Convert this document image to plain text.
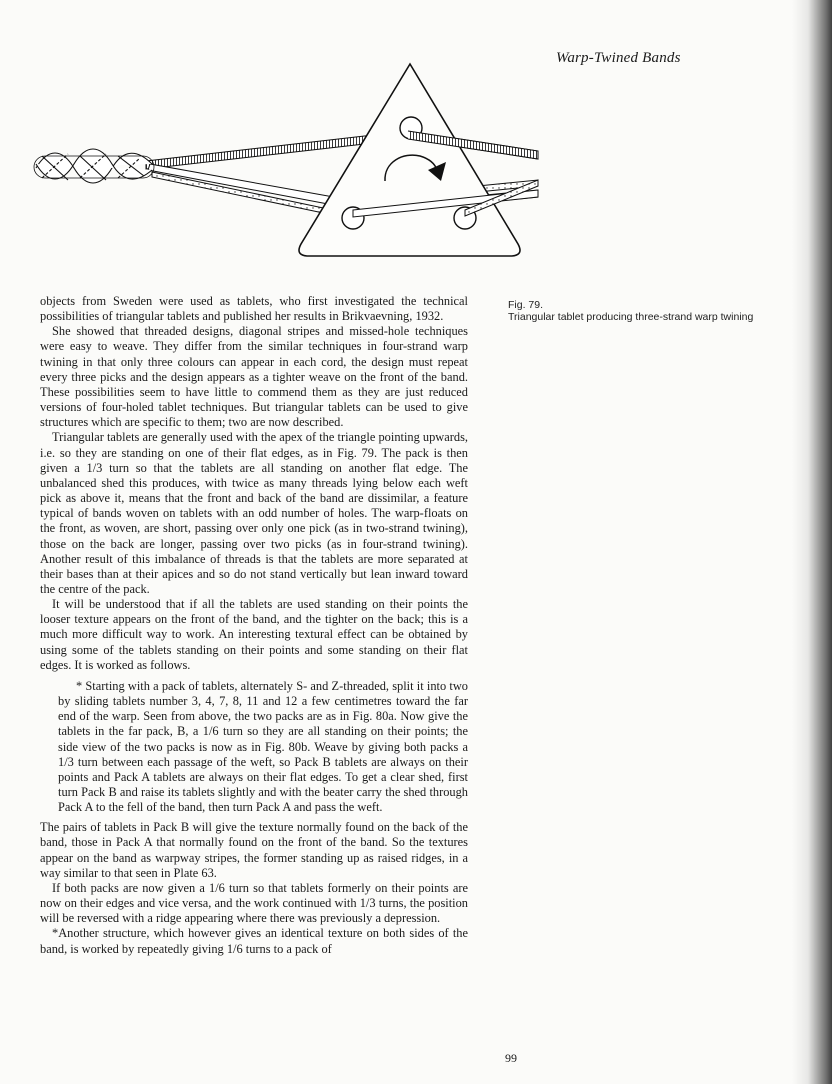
Warp-Twined Bands
Fig. 79.
Triangular tablet producing three-strand warp twining

objects from Sweden were used as tablets, who first investigated the technical possibilities of triangular tablets and published her results in Brikvaevning, 1932.

She showed that threaded designs, diagonal stripes and missed-hole techniques were easy to weave. They differ from the similar techniques in four-strand warp twining in that only three colours can appear in each cord, the design must repeat every three picks and the design appears as a tighter weave on the front of the band. These possibilities seem to have little to commend them as they are just reduced versions of four-holed tablet techniques. But triangular tablets can be used to give structures which are specific to them; two are now described.

Triangular tablets are generally used with the apex of the triangle pointing upwards, i.e. so they are standing on one of their flat edges, as in Fig. 79. The pack is then given a 1/3 turn so that the tablets are all standing on another flat edge. The unbalanced shed this produces, with twice as many threads lying below each weft pick as above it, means that the front and back of the band are dissimilar, a feature typical of bands woven on tablets with an odd number of holes. The warp-floats on the front, as woven, are short, passing over only one pick (as in two-strand twining), those on the back are longer, passing over two picks (as in four-strand twining). Another result of this imbalance of threads is that the tablets are more separated at their bases than at their apices and so do not stand vertically but lean inward toward the centre of the pack.

It will be understood that if all the tablets are used standing on their points the looser texture appears on the front of the band, and the tighter on the back; this is a much more difficult way to work. An interesting textural effect can be obtained by using some of the tablets standing on their points and some standing on their flat edges. It is worked as follows.

* Starting with a pack of tablets, alternately S- and Z-threaded, split it into two by sliding tablets number 3, 4, 7, 8, 11 and 12 a few centimetres toward the far end of the warp. Seen from above, the two packs are as in Fig. 80a. Now give the tablets in the far pack, B, a 1/6 turn so they are all standing on their points; the side view of the two packs is now as in Fig. 80b. Weave by giving both packs a 1/3 turn between each passage of the weft, so Pack B tablets are always on their points and Pack A tablets are always on their flat edges. To get a clear shed, first turn Pack B and raise its tablets slightly and with the beater carry the shed through Pack A to the fell of the band, then turn Pack A and pass the weft.

The pairs of tablets in Pack B will give the texture normally found on the back of the band, those in Pack A that normally found on the front of the band. So the textures appear on the band as warpway stripes, the former standing up as raised ridges, in a way similar to that seen in Plate 63.

If both packs are now given a 1/6 turn so that tablets formerly on their points are now on their edges and vice versa, and the work continued with 1/3 turns, the position will be reversed with a ridge appearing where there was previously a depression.

*Another structure, which however gives an identical texture on both sides of the band, is worked by repeatedly giving 1/6 turns to a pack of

99
